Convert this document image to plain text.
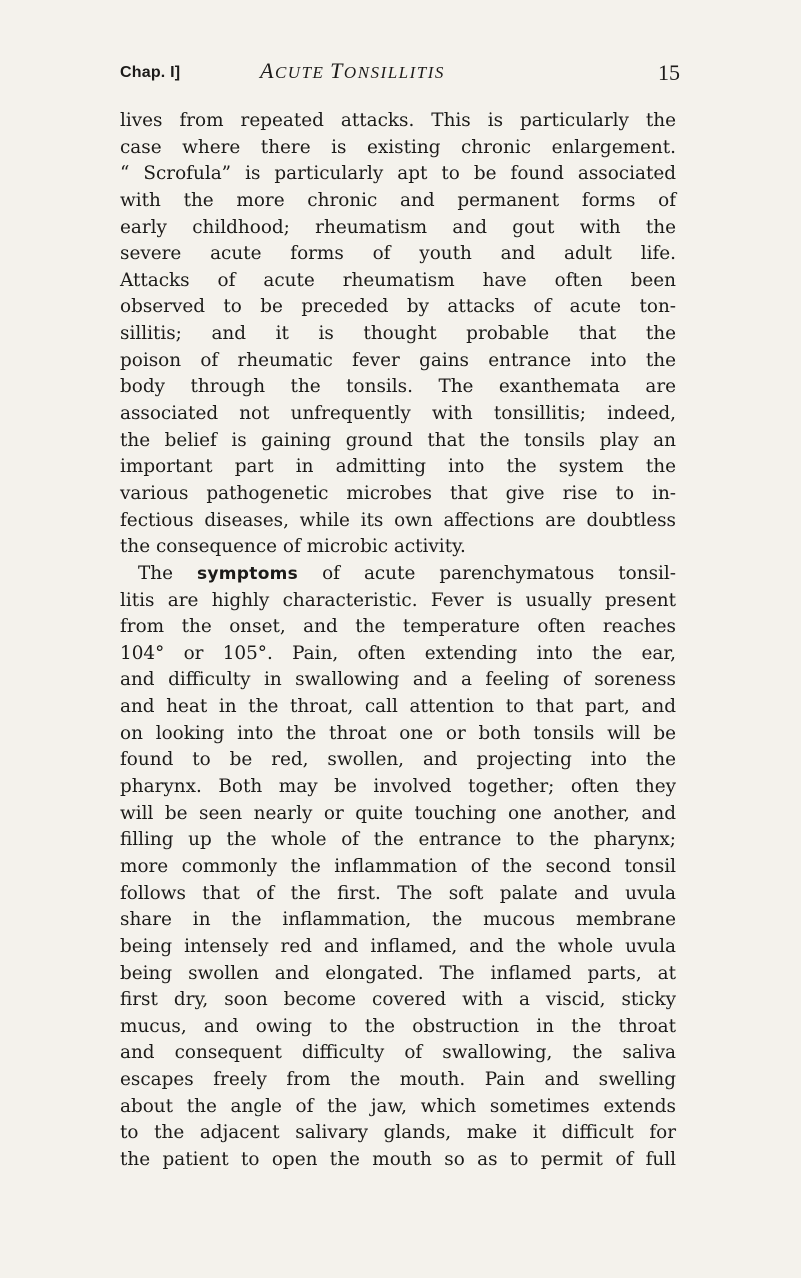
Chap. I]	ACUTE TONSILLITIS	15
lives from repeated attacks. This is particularly the
case where there is existing chronic enlargement.
“ Scrofula” is particularly apt to be found associated
with the more chronic and permanent forms of
early childhood; rheumatism and gout with the
severe acute forms of youth and adult life.
Attacks of acute rheumatism have often been
observed to be preceded by attacks of acute ton-
sillitis; and it is thought probable that the
poison of rheumatic fever gains entrance into the
body through the tonsils. The exanthemata are
associated not unfrequently with tonsillitis; indeed,
the belief is gaining ground that the tonsils play an
important part in admitting into the system the
various pathogenetic microbes that give rise to in-
fectious diseases, while its own affections are doubtless
the consequence of microbic activity.
The symptoms of acute parenchymatous tonsil-
litis are highly characteristic. Fever is usually present
from the onset, and the temperature often reaches
104° or 105°. Pain, often extending into the ear,
and difficulty in swallowing and a feeling of soreness
and heat in the throat, call attention to that part, and
on looking into the throat one or both tonsils will be
found to be red, swollen, and projecting into the
pharynx. Both may be involved together; often they
will be seen nearly or quite touching one another, and
filling up the whole of the entrance to the pharynx;
more commonly the inflammation of the second tonsil
follows that of the first. The soft palate and uvula
share in the inflammation, the mucous membrane
being intensely red and inflamed, and the whole uvula
being swollen and elongated. The inflamed parts, at
first dry, soon become covered with a viscid, sticky
mucus, and owing to the obstruction in the throat
and consequent difficulty of swallowing, the saliva
escapes freely from the mouth. Pain and swelling
about the angle of the jaw, which sometimes extends
to the adjacent salivary glands, make it difficult for
the patient to open the mouth so as to permit of full
